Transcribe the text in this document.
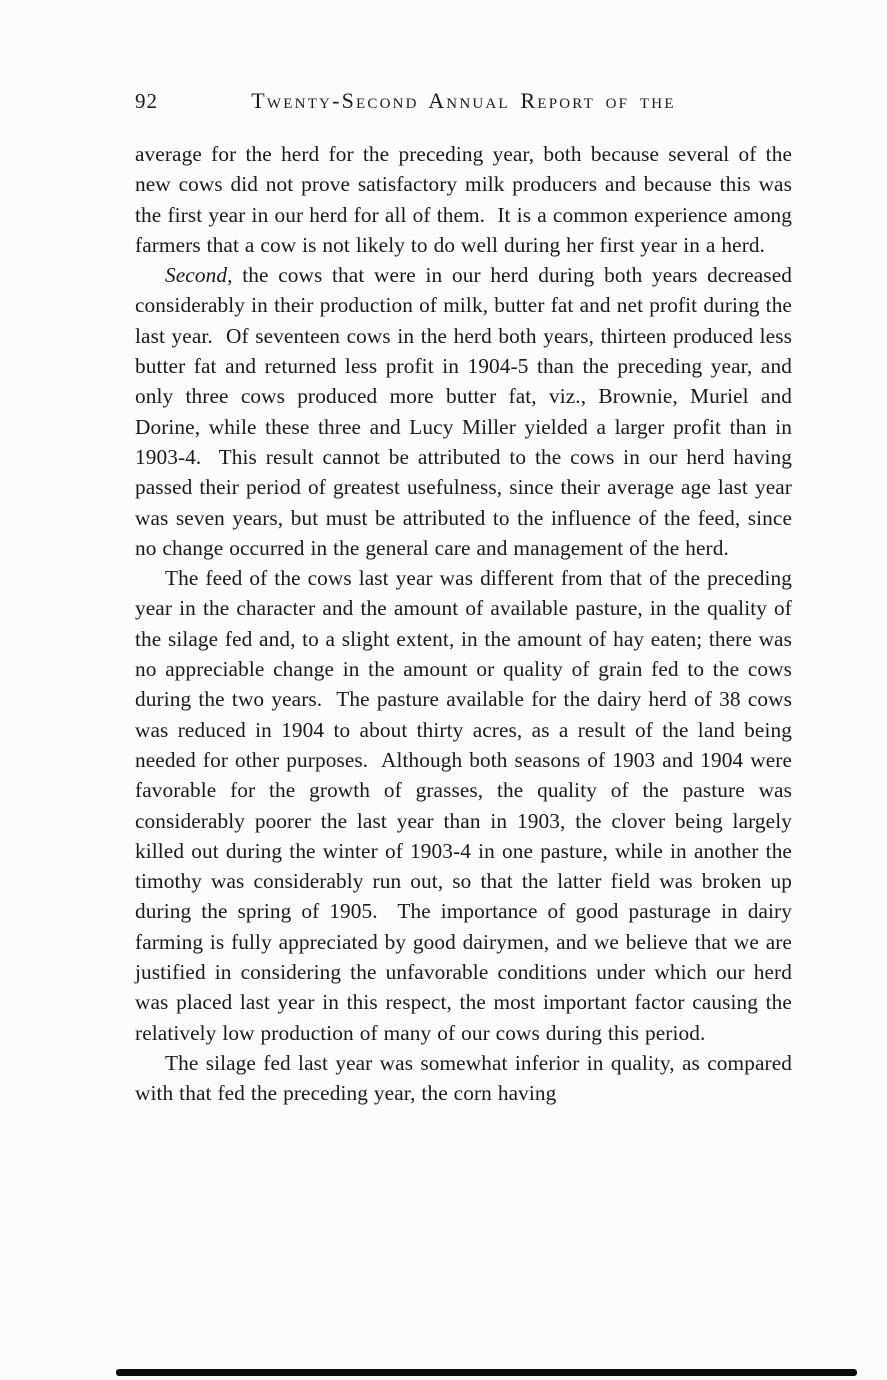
92	Twenty-Second Annual Report of the

average for the herd for the preceding year, both because several of the new cows did not prove satisfactory milk producers and because this was the first year in our herd for all of them.  It is a common experience among farmers that a cow is not likely to do well during her first year in a herd.

Second, the cows that were in our herd during both years decreased considerably in their production of milk, butter fat and net profit during the last year.  Of seventeen cows in the herd both years, thirteen produced less butter fat and returned less profit in 1904-5 than the preceding year, and only three cows produced more butter fat, viz., Brownie, Muriel and Dorine, while these three and Lucy Miller yielded a larger profit than in 1903-4.  This result cannot be attributed to the cows in our herd having passed their period of greatest usefulness, since their average age last year was seven years, but must be attributed to the influence of the feed, since no change occurred in the general care and management of the herd.

The feed of the cows last year was different from that of the preceding year in the character and the amount of available pasture, in the quality of the silage fed and, to a slight extent, in the amount of hay eaten; there was no appreciable change in the amount or quality of grain fed to the cows during the two years.  The pasture available for the dairy herd of 38 cows was reduced in 1904 to about thirty acres, as a result of the land being needed for other purposes.  Although both seasons of 1903 and 1904 were favorable for the growth of grasses, the quality of the pasture was considerably poorer the last year than in 1903, the clover being largely killed out during the winter of 1903-4 in one pasture, while in another the timothy was considerably run out, so that the latter field was broken up during the spring of 1905.  The importance of good pasturage in dairy farming is fully appreciated by good dairymen, and we believe that we are justified in considering the unfavorable conditions under which our herd was placed last year in this respect, the most important factor causing the relatively low production of many of our cows during this period.

The silage fed last year was somewhat inferior in quality, as compared with that fed the preceding year, the corn having
